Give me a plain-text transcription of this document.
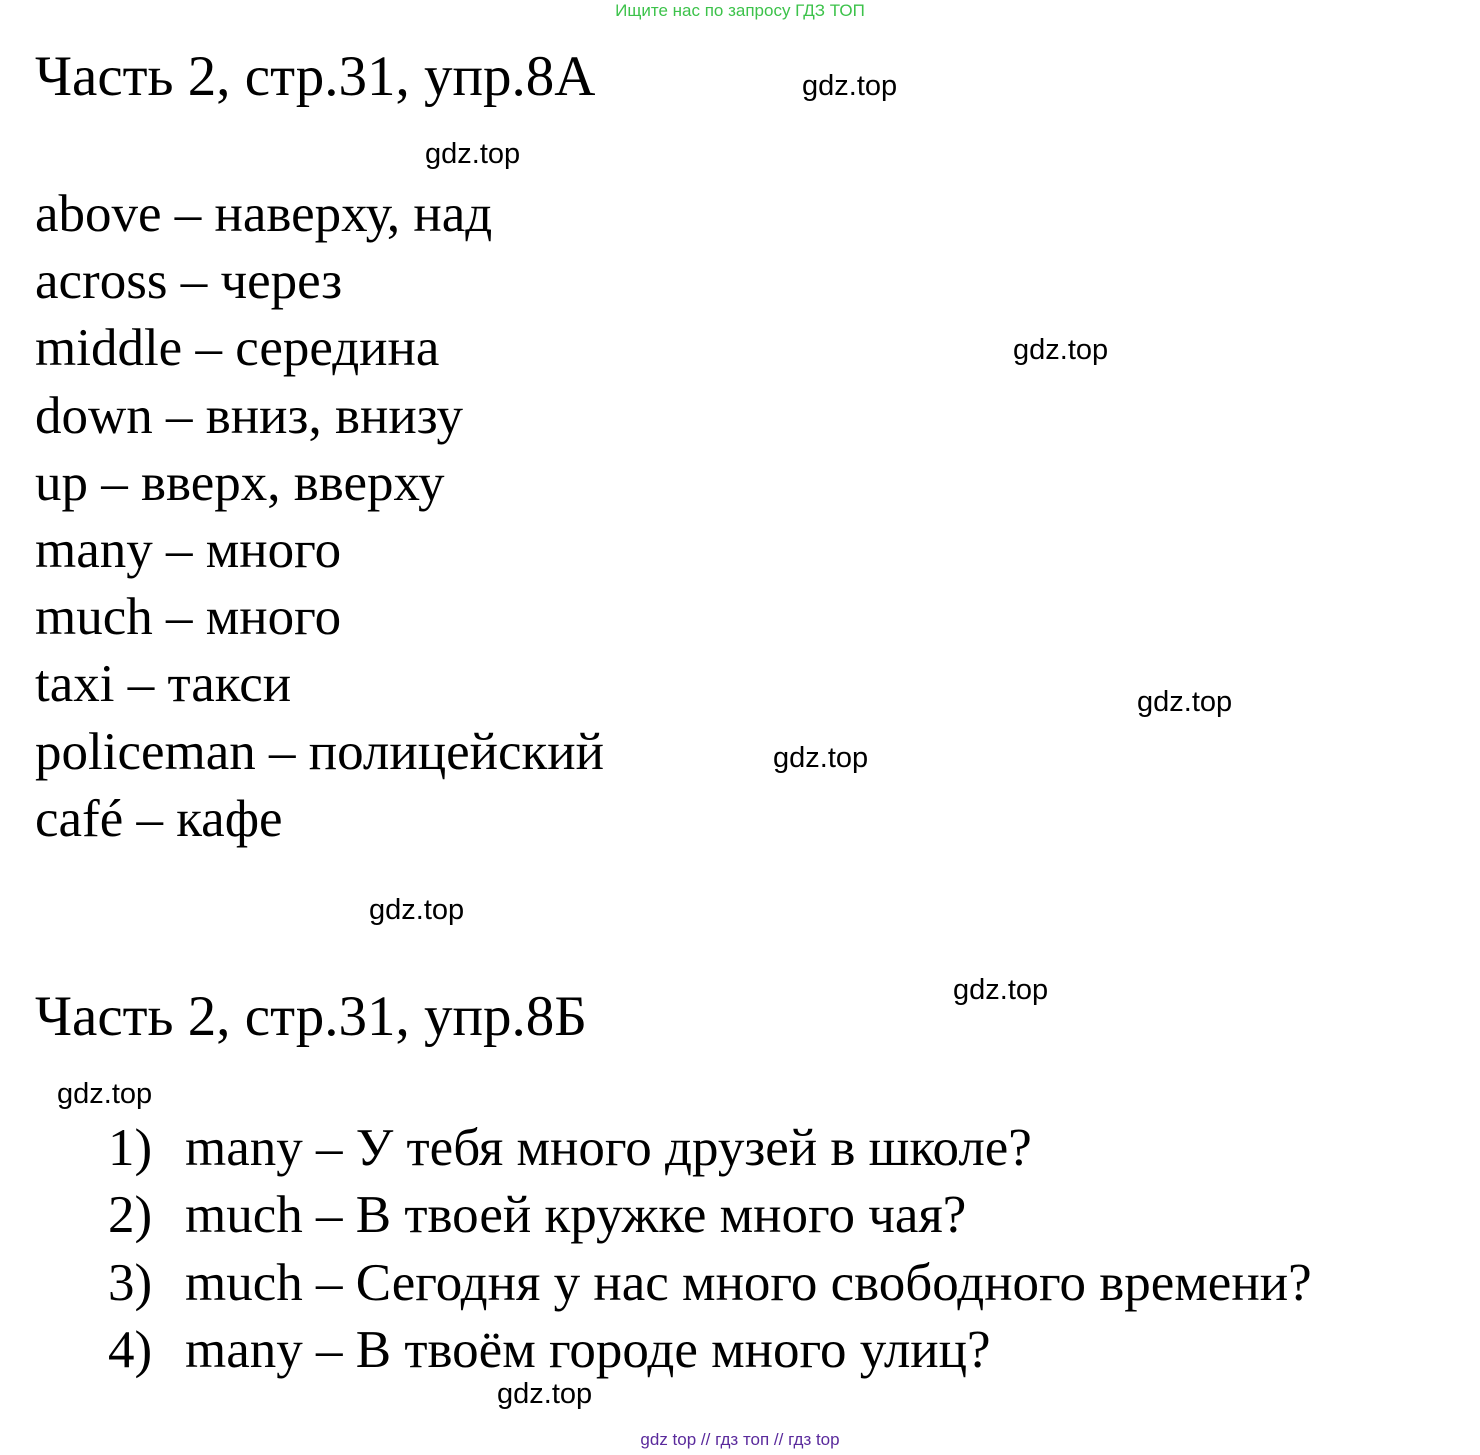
Ищите нас по запросу ГДЗ ТОП
Часть 2, стр.31, упр.8А
above – наверху, над
across – через
middle – середина
down – вниз, внизу
up – вверх, вверху
many – много
much – много
taxi – такси
policeman – полицейский
café – кафе
Часть 2, стр.31, упр.8Б
1) many – У тебя много друзей в школе?
2) much – В твоей кружке много чая?
3) much – Сегодня у нас много свободного времени?
4) many – В твоём городе много улиц?
gdz.top
gdz.top
gdz.top
gdz.top
gdz.top
gdz.top
gdz.top
gdz.top
gdz.top
gdz top // гдз топ // гдз top
